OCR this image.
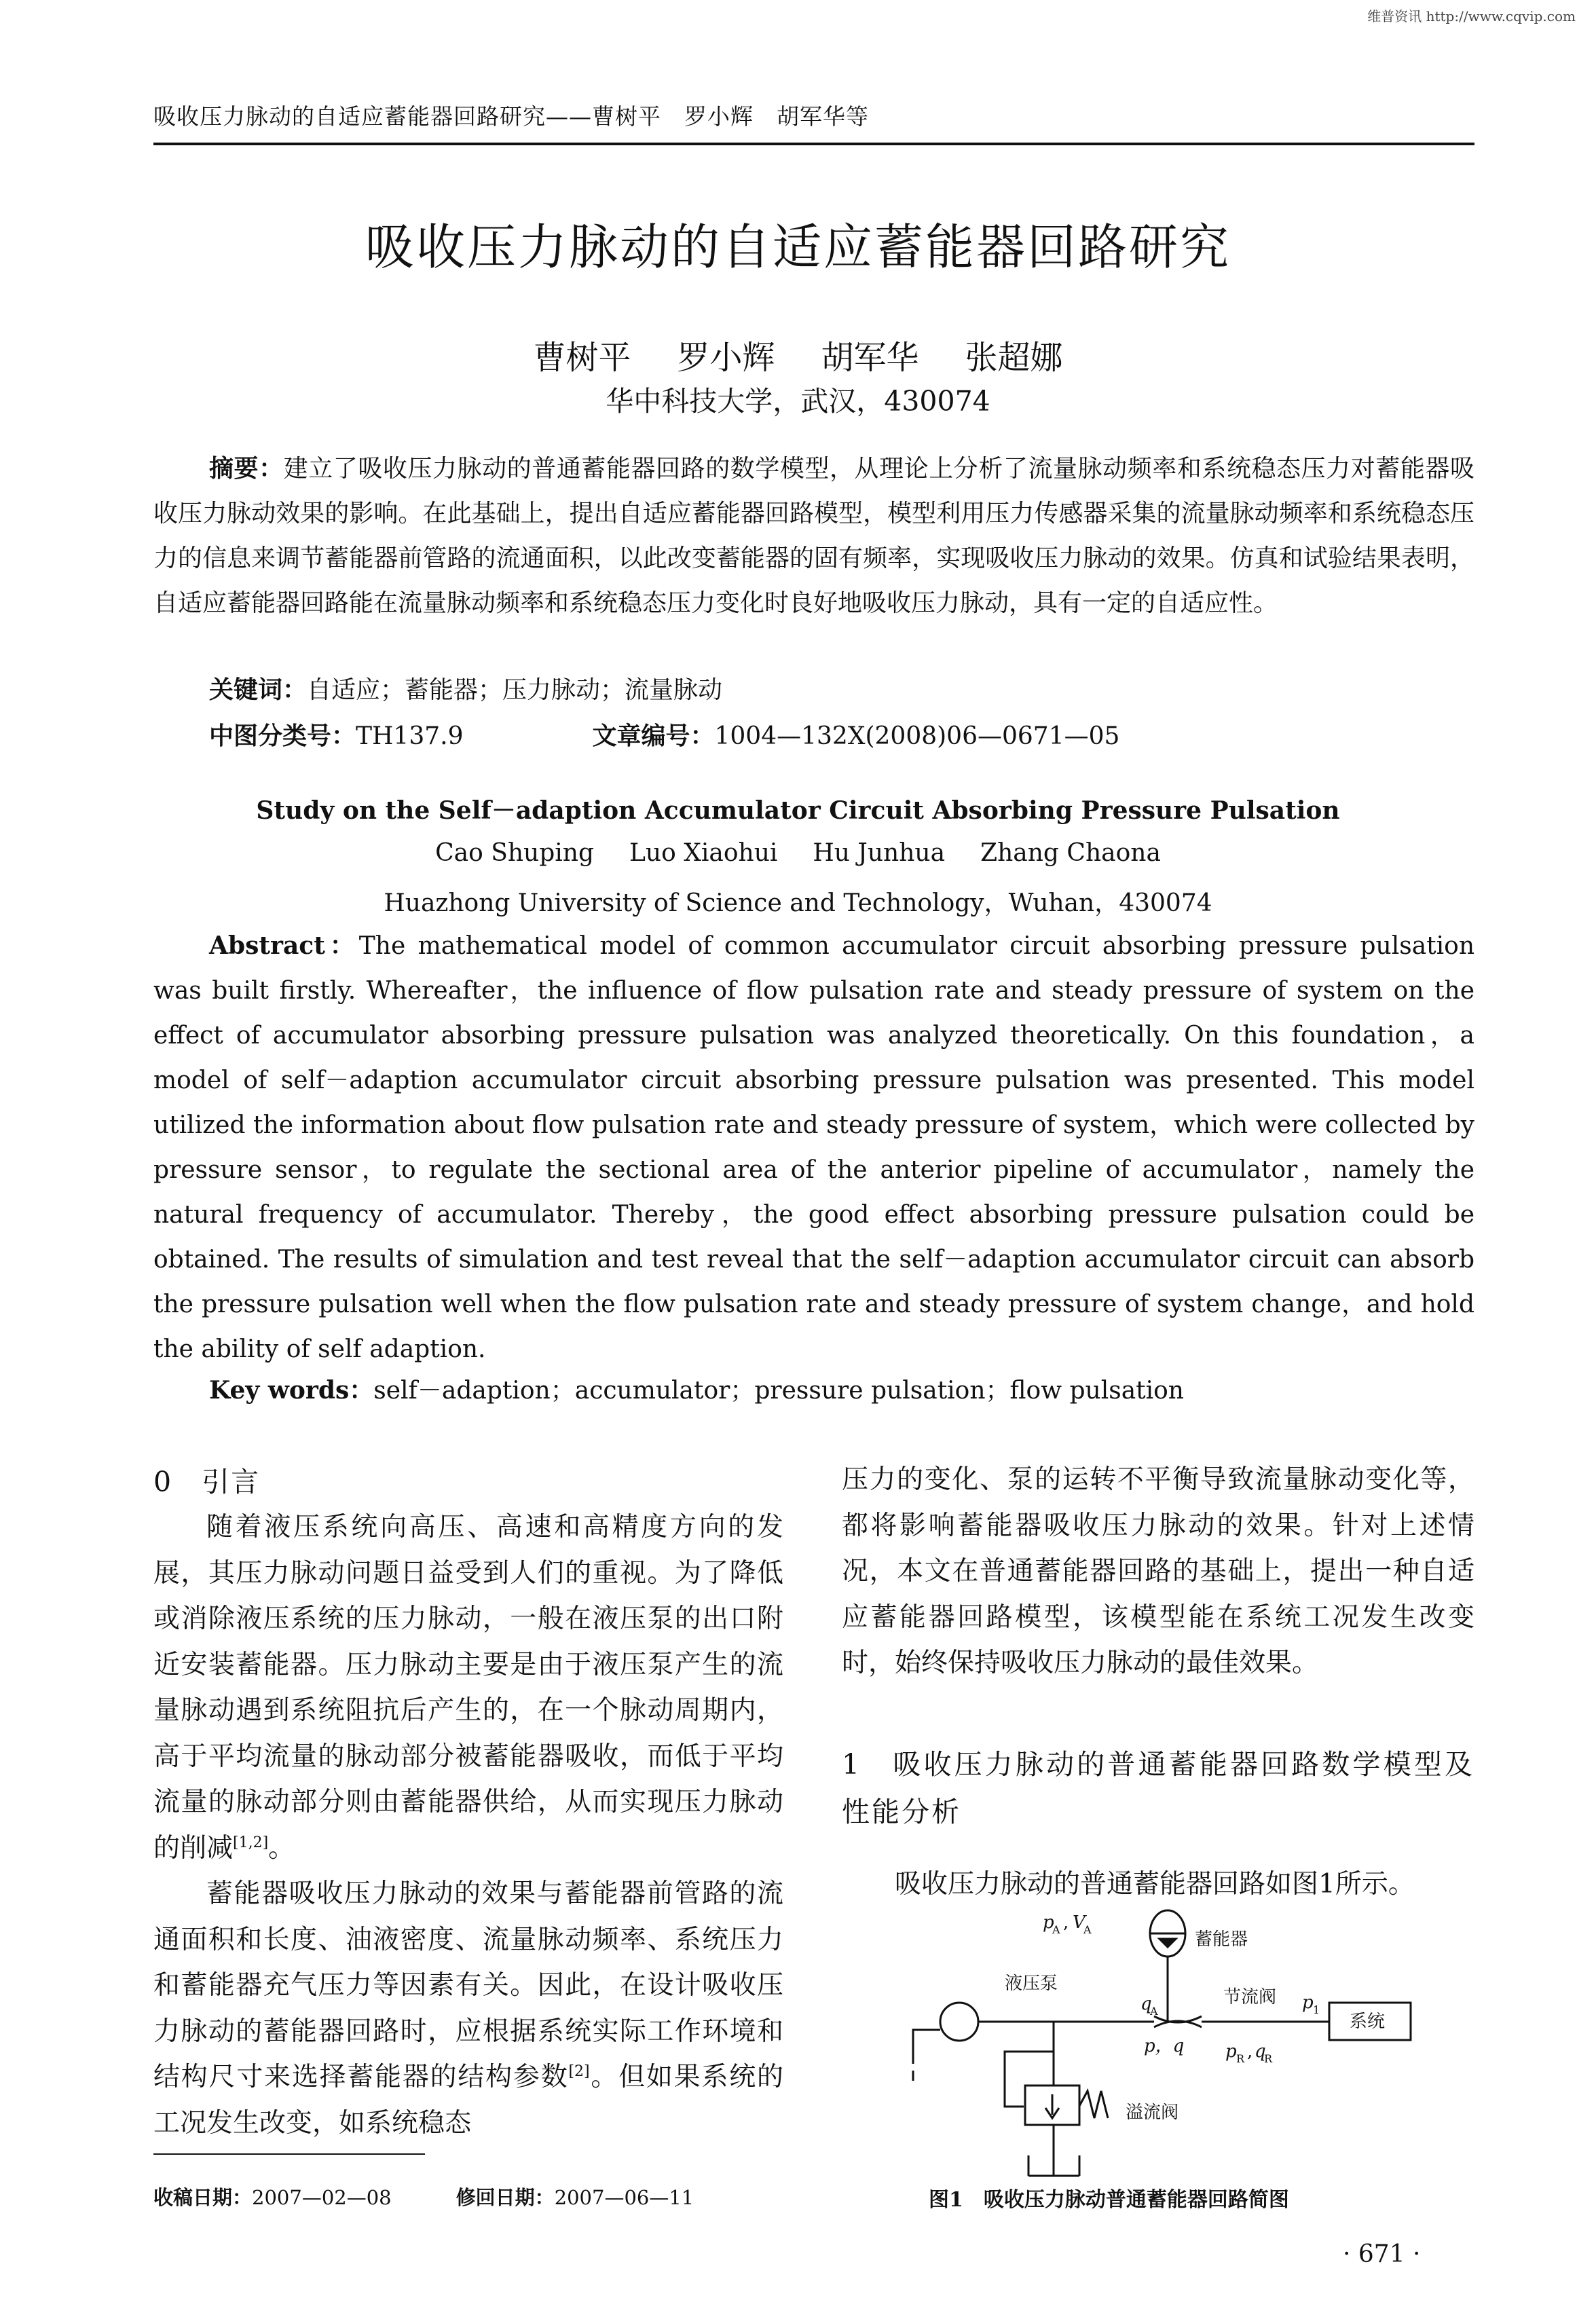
维普资讯 http://www.cqvip.com
吸收压力脉动的自适应蓄能器回路研究——曹树平　罗小辉　胡军华等
吸收压力脉动的自适应蓄能器回路研究
曹树平 罗小辉 胡军华 张超娜
华中科技大学，武汉，430074
摘要：建立了吸收压力脉动的普通蓄能器回路的数学模型，从理论上分析了流量脉动频率和系统稳态压力对蓄能器吸收压力脉动效果的影响。在此基础上，提出自适应蓄能器回路模型，模型利用压力传感器采集的流量脉动频率和系统稳态压力的信息来调节蓄能器前管路的流通面积，以此改变蓄能器的固有频率，实现吸收压力脉动的效果。仿真和试验结果表明，自适应蓄能器回路能在流量脉动频率和系统稳态压力变化时良好地吸收压力脉动，具有一定的自适应性。
关键词：自适应；蓄能器；压力脉动；流量脉动
中图分类号：TH137.9	文章编号：1004—132X(2008)06—0671—05
Study on the Self－adaption Accumulator Circuit Absorbing Pressure Pulsation
Cao Shuping Luo Xiaohui Hu Junhua Zhang Chaona
Huazhong University of Science and Technology，Wuhan，430074
Abstract：The mathematical model of common accumulator circuit absorbing pressure pulsation was built firstly. Whereafter，the influence of flow pulsation rate and steady pressure of system on the effect of accumulator absorbing pressure pulsation was analyzed theoretically. On this foundation，a model of self－adaption accumulator circuit absorbing pressure pulsation was presented. This model utilized the information about flow pulsation rate and steady pressure of system，which were collected by pressure sensor，to regulate the sectional area of the anterior pipeline of accumulator，namely the natural frequency of accumulator. Thereby，the good effect absorbing pressure pulsation could be obtained. The results of simulation and test reveal that the self－adaption accumulator circuit can absorb the pressure pulsation well when the flow pulsation rate and steady pressure of system change，and hold the ability of self adaption.
Key words：self－adaption；accumulator；pressure pulsation；flow pulsation
0　引言
随着液压系统向高压、高速和高精度方向的发展，其压力脉动问题日益受到人们的重视。为了降低或消除液压系统的压力脉动，一般在液压泵的出口附近安装蓄能器。压力脉动主要是由于液压泵产生的流量脉动遇到系统阻抗后产生的，在一个脉动周期内，高于平均流量的脉动部分被蓄能器吸收，而低于平均流量的脉动部分则由蓄能器供给，从而实现压力脉动的削减[1,2]。
蓄能器吸收压力脉动的效果与蓄能器前管路的流通面积和长度、油液密度、流量脉动频率、系统压力和蓄能器充气压力等因素有关。因此，在设计吸收压力脉动的蓄能器回路时，应根据系统实际工作环境和结构尺寸来选择蓄能器的结构参数[2]。但如果系统的工况发生改变，如系统稳态
压力的变化、泵的运转不平衡导致流量脉动变化等，都将影响蓄能器吸收压力脉动的效果。针对上述情况，本文在普通蓄能器回路的基础上，提出一种自适应蓄能器回路模型，该模型能在系统工况发生改变时，始终保持吸收压力脉动的最佳效果。
1　吸收压力脉动的普通蓄能器回路数学模型及性能分析
吸收压力脉动的普通蓄能器回路如图1所示。
液压泵
p
A , V
A	蓄能器
q
A
节流阀 p 1
系统
p，q p R , q
R
溢流阀
收稿日期：2007—02—08	修回日期：2007—06—11	图1　吸收压力脉动普通蓄能器回路简图
· 671 ·
